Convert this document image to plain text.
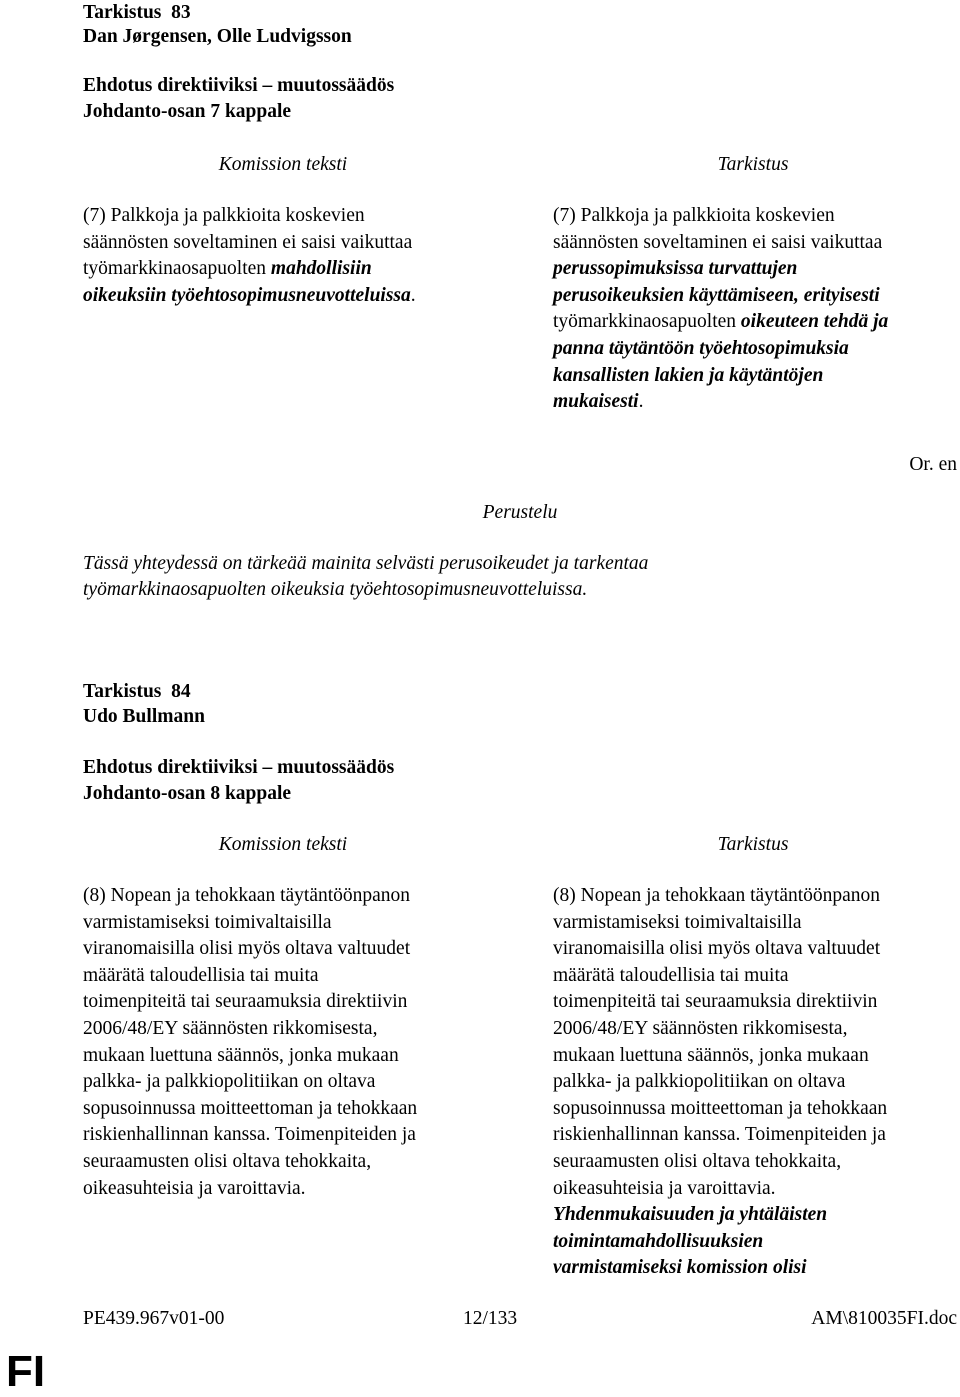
Tarkistus  83
Dan Jørgensen, Olle Ludvigsson
Ehdotus direktiiviksi – muutossäädös
Johdanto-osan 7 kappale
Komission teksti	Tarkistus
(7) Palkkoja ja palkkioita koskevien
säännösten soveltaminen ei saisi vaikuttaa
työmarkkinaosapuolten mahdollisiin
oikeuksiin työehtosopimusneuvotteluissa.
(7) Palkkoja ja palkkioita koskevien
säännösten soveltaminen ei saisi vaikuttaa
perussopimuksissa turvattujen
perusoikeuksien käyttämiseen, erityisesti
työmarkkinaosapuolten oikeuteen tehdä ja
panna täytäntöön työehtosopimuksia
kansallisten lakien ja käytäntöjen
mukaisesti.
Or. en
Perustelu
Tässä yhteydessä on tärkeää mainita selvästi perusoikeudet ja tarkentaa
työmarkkinaosapuolten oikeuksia työehtosopimusneuvotteluissa.
Tarkistus  84
Udo Bullmann
Ehdotus direktiiviksi – muutossäädös
Johdanto-osan 8 kappale
Komission teksti	Tarkistus
(8) Nopean ja tehokkaan täytäntöönpanon
varmistamiseksi toimivaltaisilla
viranomaisilla olisi myös oltava valtuudet
määrätä taloudellisia tai muita
toimenpiteitä tai seuraamuksia direktiivin
2006/48/EY säännösten rikkomisesta,
mukaan luettuna säännös, jonka mukaan
palkka- ja palkkiopolitiikan on oltava
sopusoinnussa moitteettoman ja tehokkaan
riskienhallinnan kanssa. Toimenpiteiden ja
seuraamusten olisi oltava tehokkaita,
oikeasuhteisia ja varoittavia.
(8) Nopean ja tehokkaan täytäntöönpanon
varmistamiseksi toimivaltaisilla
viranomaisilla olisi myös oltava valtuudet
määrätä taloudellisia tai muita
toimenpiteitä tai seuraamuksia direktiivin
2006/48/EY säännösten rikkomisesta,
mukaan luettuna säännös, jonka mukaan
palkka- ja palkkiopolitiikan on oltava
sopusoinnussa moitteettoman ja tehokkaan
riskienhallinnan kanssa. Toimenpiteiden ja
seuraamusten olisi oltava tehokkaita,
oikeasuhteisia ja varoittavia.
Yhdenmukaisuuden ja yhtäläisten
toimintamahdollisuuksien
varmistamiseksi komission olisi
PE439.967v01-00	12/133	AM\810035FI.doc
FI
